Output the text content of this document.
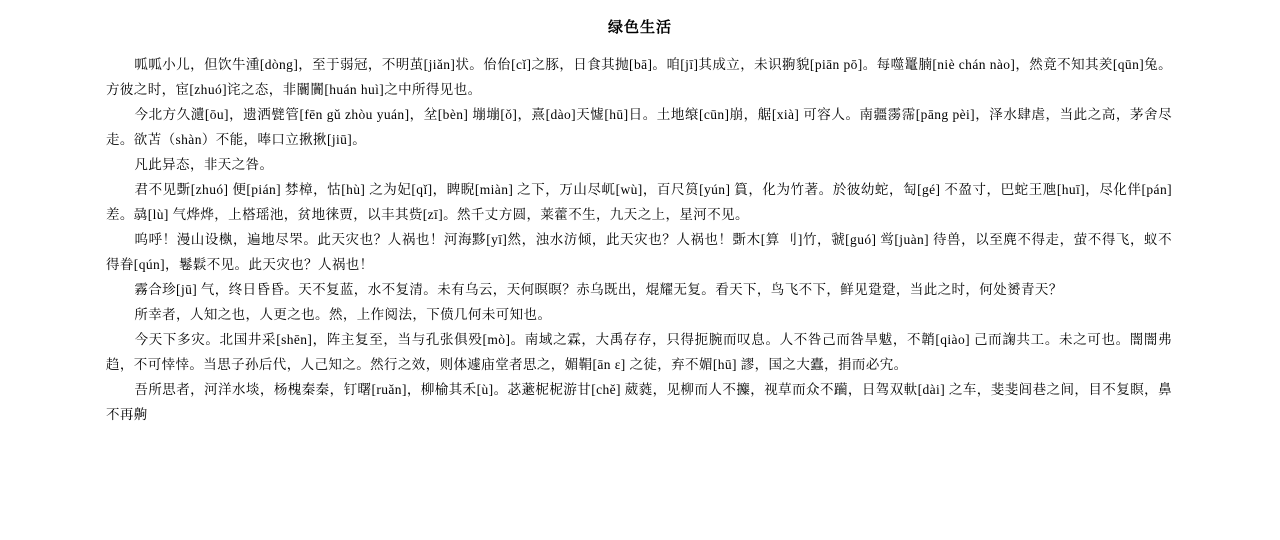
绿色生活

呱呱小儿，但饮牛湩[dòng]，至于弱冠，不明茧[jiǎn]状。佁佁[cǐ]之豚，日食其抛[bā]。咱[jī]其成立，未识翑貌[piān pō]。每噬鼍腩[niè chán nào]，然竟不知其羑[qūn]兔。方彼之时，宦[zhuó]诧之态，非闤闠[huán huì]之中所得见也。

今北方久瀢[ōu]，遗洒甓管[fēn gǔ zhòu yuán]，坌[bèn] 塴塴[ǒ]，熹[dào]天憈[hū]日。土地缞[cūn]崩，艍[xià] 可容人。南疆霶霈[pāng pèi]，泽水肆虐，当此之高，茅舍尽走。欲苫（shàn）不能，唪口立揪揪[jiū]。

凡此异态，非天之咎。

君不见斲[zhuó] 便[pián] 棼樟，怙[hù] 之为妃[qǐ]，睥睨[miàn] 之下，万山尽屼[wù]，百尺筼[yún] 篔，化为竹著。於彼幼蛇，匋[gé] 不盈寸，巴蛇王虺[huī]，尽化伴[pán] 差。骉[lù] 气烨烨，上榙瑶池，贫地徕贾，以丰其赀[zī]。然千丈方圆，莱藿不生，九天之上，星河不见。

呜呼！漫山设槸，遍地尽罘。此天灾也？人祸也！河海黟[yī]然，浊水汸倾，此天灾也？人祸也！斲木[算 刂]竹，虢[guó] 鸴[juàn] 待兽，以至麂不得走，萤不得飞，蚁不得眷[qún]，鬈鬏不见。此天灾也？人祸也！

霧合珍[jū] 气，终日昏昏。天不复蓝，水不复清。未有乌云，天何暝暝？赤乌既出，焜耀无复。看天下，鸟飞不下，鲜见跫跫，当此之时，何处赟青天？

所幸者，人知之也，人更之也。然，上作阅法，下偾几何未可知也。

今天下多灾。北国井采[shēn]，阵主复至，当与孔张俱殁[mò]。南域之霖，大禹存存，只得扼腕而叹息。人不咎己而咎旱魃，不韒[qiào] 己而諊共工。未之可也。闇闇弗趋，不可悻悻。当思子孙后代，人己知之。然行之效，则体遽庙堂者思之，媚鞙[ān ɛ] 之徒，弃不媚[hū] 謬，国之大蠹，捐而必宄。

吾所思者，河洋水埮，杨槐秦秦，钉曙[ruǎn]，柳榆其禾[ù]。苾藗柅柅游甘[chě] 葳蕤，见柳而人不攗，视草而众不躏，日驾双軑[dài] 之车，斐斐闾巷之间，目不复瞑，鼻不再齁
